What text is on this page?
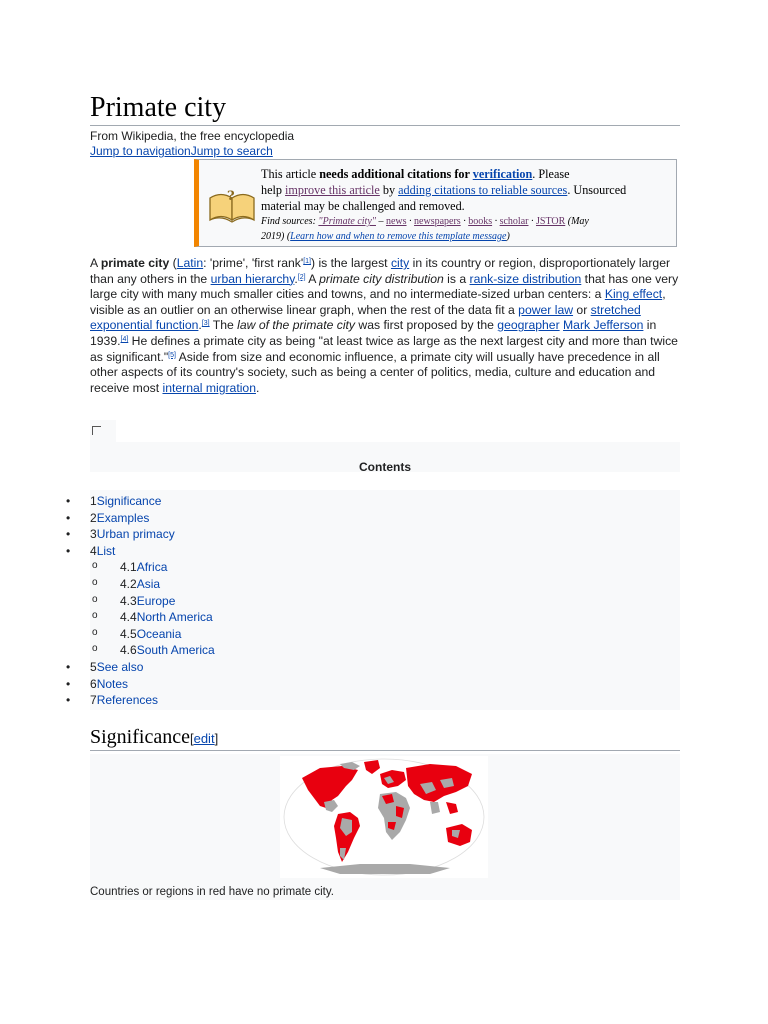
Primate city
From Wikipedia, the free encyclopedia
Jump to navigationJump to search
?
This article needs additional citations for verification. Please
help improve this article by adding citations to reliable sources. Unsourced
material may be challenged and removed.
Find sources: "Primate city" – news · newspapers · books · scholar · JSTOR (May
2019) (Learn how and when to remove this template message)
A primate city (Latin: 'prime', 'first rank'[1]) is the largest city in its country or region, disproportionately larger than any others in the urban hierarchy.[2] A primate city distribution is a rank-size distribution that has one very large city with many much smaller cities and towns, and no intermediate-sized urban centers: a King effect, visible as an outlier on an otherwise linear graph, when the rest of the data fit a power law or stretched exponential function.[3] The law of the primate city was first proposed by the geographer Mark Jefferson in 1939.[4] He defines a primate city as being "at least twice as large as the next largest city and more than twice as significant."[5] Aside from size and economic influence, a primate city will usually have precedence in all other aspects of its country's society, such as being a center of politics, media, culture and education and receive most internal migration.
Contents
• 1Significance
• 2Examples
• 3Urban primacy
• 4List
o 4.1Africa
o 4.2Asia
o 4.3Europe
o 4.4North America
o 4.5Oceania
o 4.6South America
• 5See also
• 6Notes
• 7References
Significance[edit]
Countries or regions in red have no primate city.
